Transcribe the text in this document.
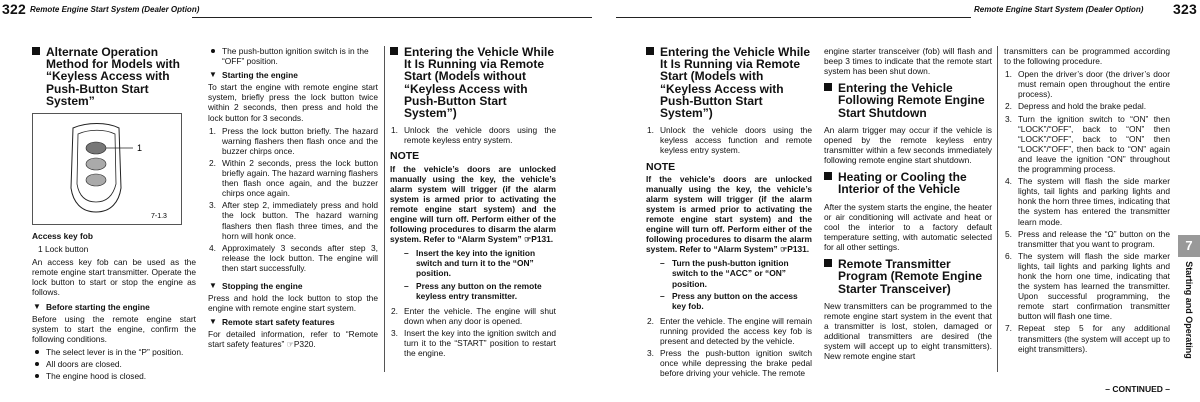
322 Remote Engine Start System (Dealer Option)	Remote Engine Start System (Dealer Option) 323
Alternate Operation Method for Models with “Keyless Access with Push-Button Start System”
1
7-1.3

Access key fob

1 Lock button

An access key fob can be used as the remote engine start transmitter. Operate the lock button to start or stop the engine as follows.

▼ Before starting the engine

Before using the remote engine start system to start the engine, confirm the following conditions.

The select lever is in the “P” position.
All doors are closed.
The engine hood is closed.
The push-button ignition switch is in the “OFF” position.
▼ Starting the engine

To start the engine with remote engine start system, briefly press the lock button twice within 2 seconds, then press and hold the lock button for 3 seconds.

1. Press the lock button briefly. The hazard warning flashers then flash once and the buzzer chirps once.
2. Within 2 seconds, press the lock button briefly again. The hazard warning flashers then flash once again, and the buzzer chirps once again.
3. After step 2, immediately press and hold the lock button. The hazard warning flashers then flash three times, and the horn will honk once.
4. Approximately 3 seconds after step 3, release the lock button. The engine will then start successfully.
▼ Stopping the engine

Press and hold the lock button to stop the engine with remote engine start system.

▼ Remote start safety features

For detailed information, refer to “Remote start safety features” ☞P320.

Entering the Vehicle While It Is Running via Remote Start (Models without “Keyless Access with Push-Button Start System”)
1. Unlock the vehicle doors using the remote keyless entry system.
NOTE

If the vehicle’s doors are unlocked manually using the key, the vehicle’s alarm system will trigger (if the alarm system is armed prior to activating the remote engine start system) and the engine will turn off. Perform either of the following procedures to disarm the alarm system. Refer to “Alarm System” ☞P131.

– Insert the key into the ignition switch and turn it to the “ON” position.
– Press any button on the remote keyless entry transmitter.
2. Enter the vehicle. The engine will shut down when any door is opened.
3. Insert the key into the ignition switch and turn it to the “START” position to restart the engine.
Entering the Vehicle While It Is Running via Remote Start (Models with “Keyless Access with Push-Button Start System”)
1. Unlock the vehicle doors using the keyless access function and remote keyless entry system.
NOTE

If the vehicle’s doors are unlocked manually using the key, the vehicle’s alarm system will trigger (if the alarm system is armed prior to activating the remote engine start system) and the engine will turn off. Perform either of the following procedures to disarm the alarm system. Refer to “Alarm System” ☞P131.

– Turn the push-button ignition switch to the “ACC” or “ON” position.
– Press any button on the access key fob.
2. Enter the vehicle. The engine will remain running provided the access key fob is present and detected by the vehicle.
3. Press the push-button ignition switch once while depressing the brake pedal before driving your vehicle. The remote

engine starter transceiver (fob) will flash and beep 3 times to indicate that the remote start system has been shut down.

Entering the Vehicle Following Remote Engine Start Shutdown

An alarm trigger may occur if the vehicle is opened by the remote keyless entry transmitter within a few seconds immediately following remote engine start shutdown.

Heating or Cooling the Interior of the Vehicle

After the system starts the engine, the heater or air conditioning will activate and heat or cool the interior to a factory default temperature setting, with automatic selected for all other settings.

Remote Transmitter Program (Remote Engine Starter Transceiver)

New transmitters can be programmed to the remote engine start system in the event that a transmitter is lost, stolen, damaged or additional transmitters are desired (the system will accept up to eight transmitters). New remote engine start

transmitters can be programmed according to the following procedure.

1. Open the driver’s door (the driver’s door must remain open throughout the entire process).
2. Depress and hold the brake pedal.
3. Turn the ignition switch to “ON” then “LOCK”/“OFF”, back to “ON” then “LOCK”/“OFF”, back to “ON” then “LOCK”/“OFF”, then back to “ON” again and leave the ignition “ON” throughout the programming process.
4. The system will flash the side marker lights, tail lights and parking lights and honk the horn three times, indicating that the system has entered the transmitter learn mode.
5. Press and release the “Ω” button on the transmitter that you want to program.
6. The system will flash the side marker lights, tail lights and parking lights and honk the horn one time, indicating that the system has learned the transmitter. Upon successful programming, the remote start confirmation transmitter button will flash one time.
7. Repeat step 5 for any additional transmitters (the system will accept up to eight transmitters).
7
Starting and Operating
– CONTINUED –
